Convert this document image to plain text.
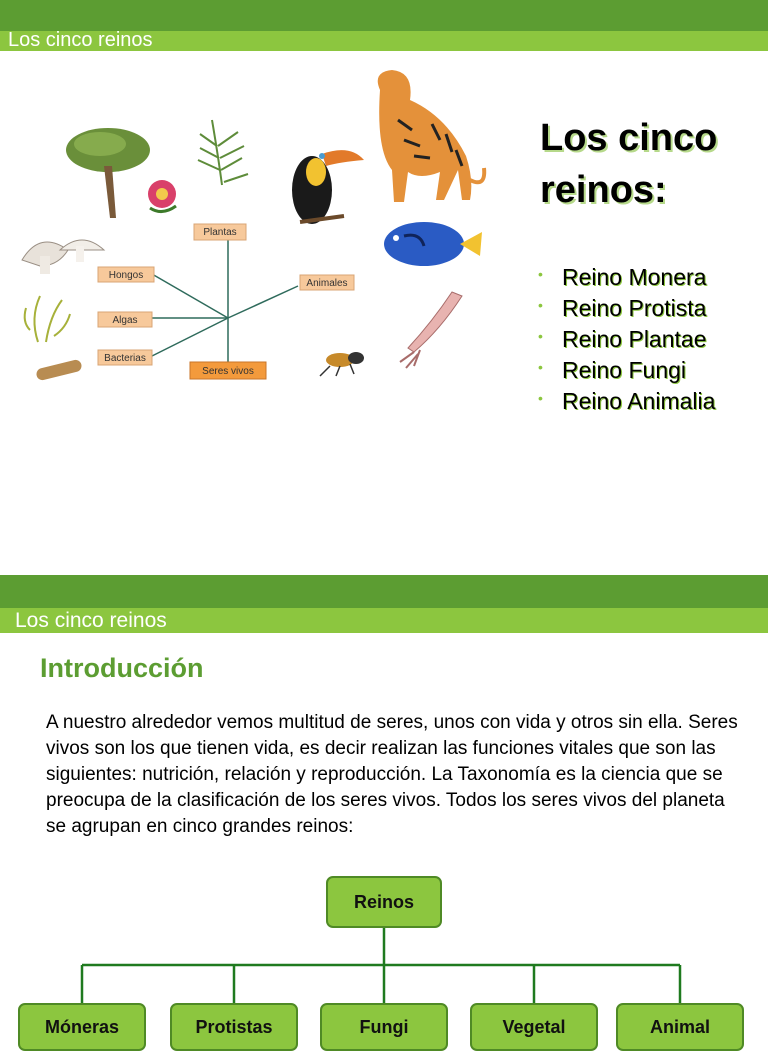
Los cinco reinos
Plantas
Hongos
Algas
Bacterias
Animales
Seres vivos
Los cinco reinos:
• Reino Monera
• Reino Protista
• Reino Plantae
• Reino Fungi
• Reino Animalia
Los cinco reinos
Introducción

A nuestro alrededor vemos multitud de seres, unos con vida y otros sin ella. Seres vivos son los que tienen vida, es decir realizan las funciones vitales que son las siguientes: nutrición, relación y reproducción. La Taxonomía es la ciencia que se preocupa de la clasificación de los seres vivos. Todos los seres vivos del planeta se agrupan en cinco grandes reinos:

Reinos
Móneras	Protistas	Fungi	Vegetal	Animal
